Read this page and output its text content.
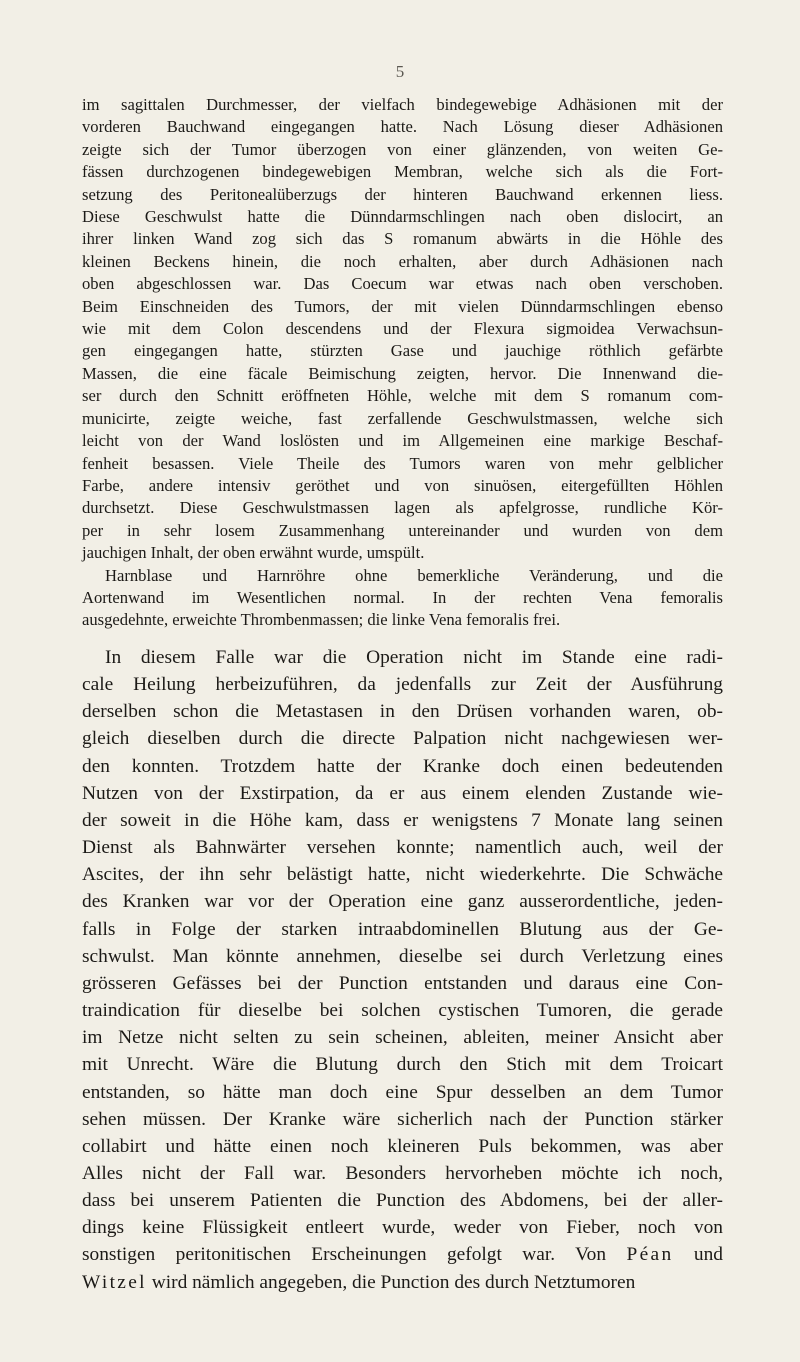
5
im sagittalen Durchmesser, der vielfach bindegewebige Adhäsionen mit der
vorderen Bauchwand eingegangen hatte. Nach Lösung dieser Adhäsionen
zeigte sich der Tumor überzogen von einer glänzenden, von weiten Ge-
fässen durchzogenen bindegewebigen Membran, welche sich als die Fort-
setzung des Peritonealüberzugs der hinteren Bauchwand erkennen liess.
Diese Geschwulst hatte die Dünndarmschlingen nach oben dislocirt, an
ihrer linken Wand zog sich das S romanum abwärts in die Höhle des
kleinen Beckens hinein, die noch erhalten, aber durch Adhäsionen nach
oben abgeschlossen war. Das Coecum war etwas nach oben verschoben.
Beim Einschneiden des Tumors, der mit vielen Dünndarmschlingen ebenso
wie mit dem Colon descendens und der Flexura sigmoidea Verwachsun-
gen eingegangen hatte, stürzten Gase und jauchige röthlich gefärbte
Massen, die eine fäcale Beimischung zeigten, hervor. Die Innenwand die-
ser durch den Schnitt eröffneten Höhle, welche mit dem S romanum com-
municirte, zeigte weiche, fast zerfallende Geschwulstmassen, welche sich
leicht von der Wand loslösten und im Allgemeinen eine markige Beschaf-
fenheit besassen. Viele Theile des Tumors waren von mehr gelblicher
Farbe, andere intensiv geröthet und von sinuösen, eitergefüllten Höhlen
durchsetzt. Diese Geschwulstmassen lagen als apfelgrosse, rundliche Kör-
per in sehr losem Zusammenhang untereinander und wurden von dem
jauchigen Inhalt, der oben erwähnt wurde, umspült.
Harnblase und Harnröhre ohne bemerkliche Veränderung, und die
Aortenwand im Wesentlichen normal. In der rechten Vena femoralis
ausgedehnte, erweichte Thrombenmassen; die linke Vena femoralis frei.
In diesem Falle war die Operation nicht im Stande eine radi-
cale Heilung herbeizuführen, da jedenfalls zur Zeit der Ausführung
derselben schon die Metastasen in den Drüsen vorhanden waren, ob-
gleich dieselben durch die directe Palpation nicht nachgewiesen wer-
den konnten. Trotzdem hatte der Kranke doch einen bedeutenden
Nutzen von der Exstirpation, da er aus einem elenden Zustande wie-
der soweit in die Höhe kam, dass er wenigstens 7 Monate lang seinen
Dienst als Bahnwärter versehen konnte; namentlich auch, weil der
Ascites, der ihn sehr belästigt hatte, nicht wiederkehrte. Die Schwäche
des Kranken war vor der Operation eine ganz ausserordentliche, jeden-
falls in Folge der starken intraabdominellen Blutung aus der Ge-
schwulst. Man könnte annehmen, dieselbe sei durch Verletzung eines
grösseren Gefässes bei der Punction entstanden und daraus eine Con-
traindication für dieselbe bei solchen cystischen Tumoren, die gerade
im Netze nicht selten zu sein scheinen, ableiten, meiner Ansicht aber
mit Unrecht. Wäre die Blutung durch den Stich mit dem Troicart
entstanden, so hätte man doch eine Spur desselben an dem Tumor
sehen müssen. Der Kranke wäre sicherlich nach der Punction stärker
collabirt und hätte einen noch kleineren Puls bekommen, was aber
Alles nicht der Fall war. Besonders hervorheben möchte ich noch,
dass bei unserem Patienten die Punction des Abdomens, bei der aller-
dings keine Flüssigkeit entleert wurde, weder von Fieber, noch von
sonstigen peritonitischen Erscheinungen gefolgt war. Von Péan und
Witzel wird nämlich angegeben, die Punction des durch Netztumoren
